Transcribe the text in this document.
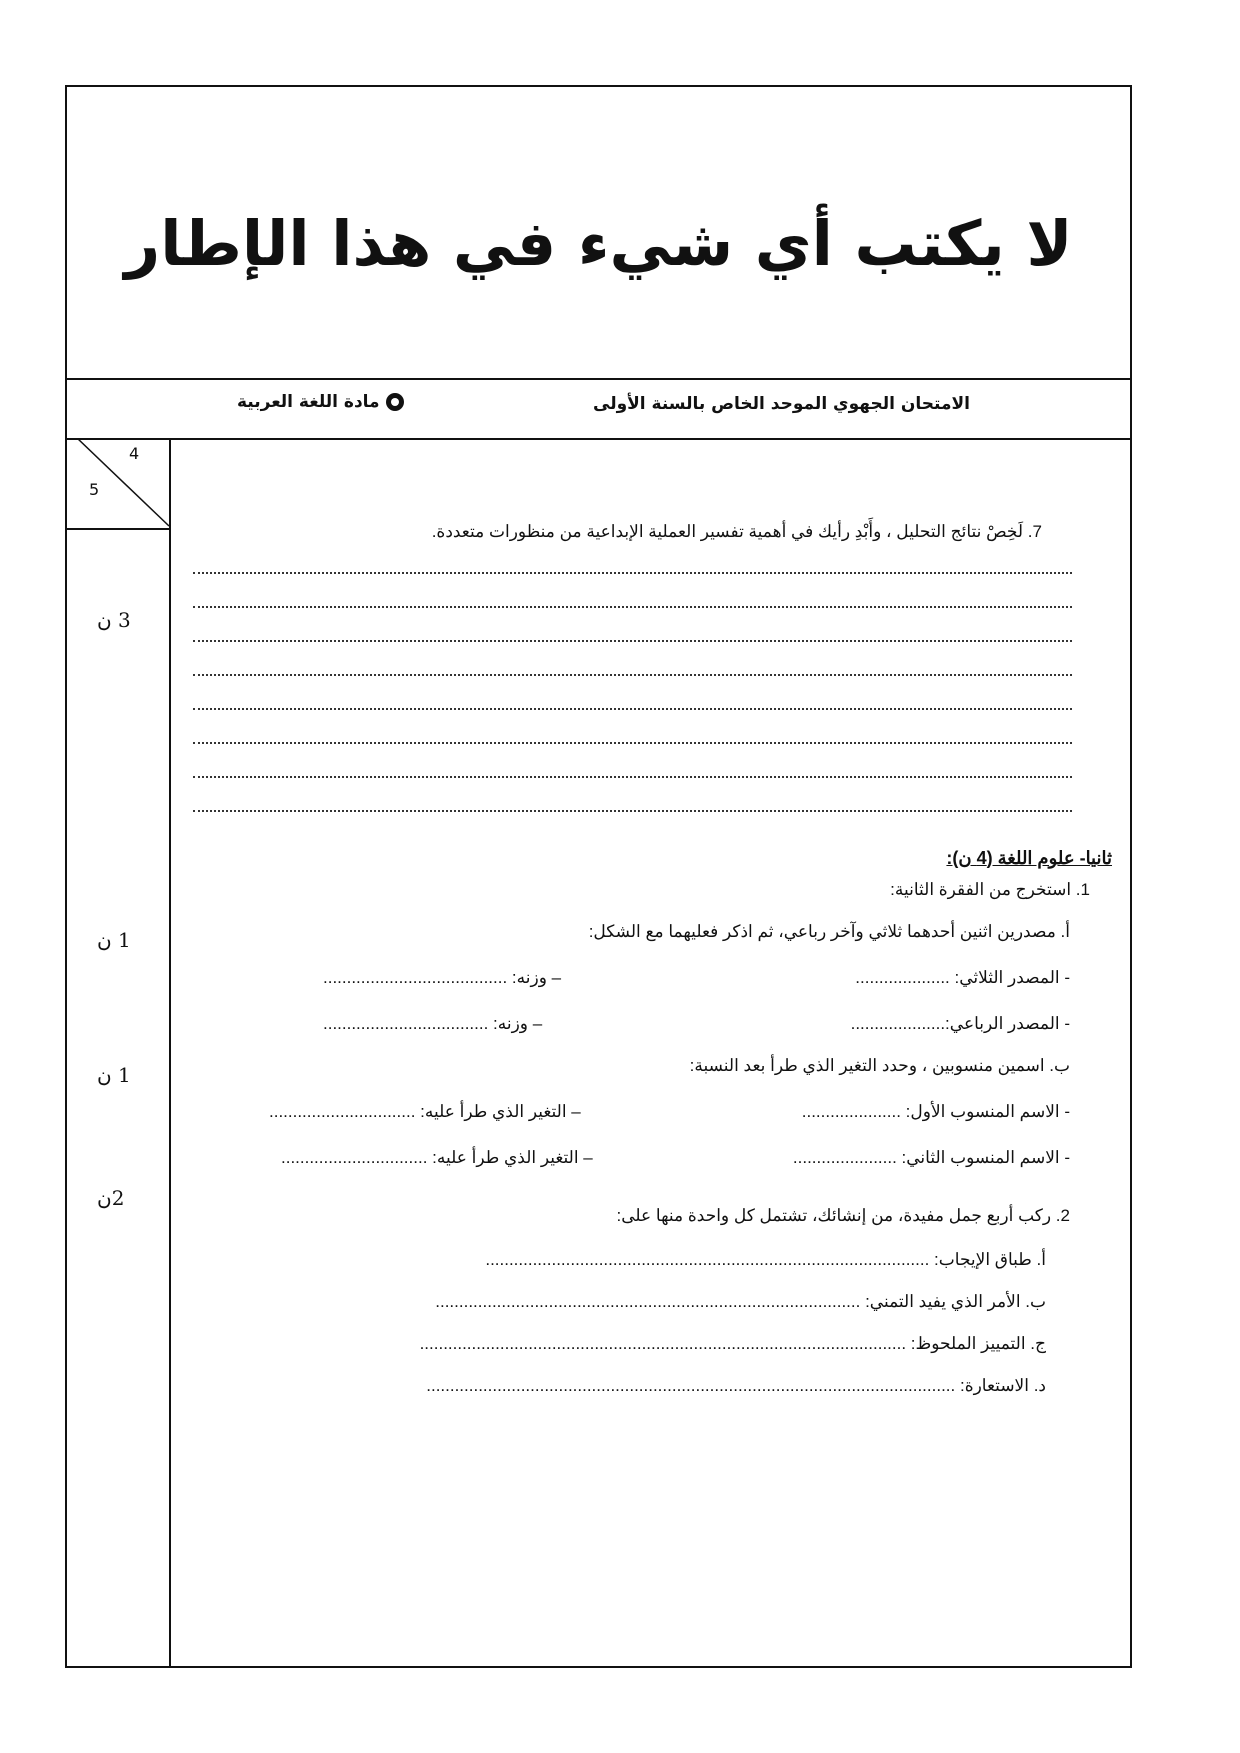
لا يكتب أي شيء في هذا الإطار
الامتحان الجهوي الموحد الخاص بالسنة الأولى
مادة اللغة العربية
4
5
3 ن
1 ن
1 ن
2ن
7. لَخِصْ نتائج التحليل ، وأَبْدِ رأيك في أهمية تفسير العملية الإبداعية من منظورات متعددة.
ثانيا- علوم اللغة (4 ن):
1. استخرج من الفقرة الثانية:
أ. مصدرين اثنين أحدهما ثلاثي وآخر رباعي، ثم اذكر فعليهما مع الشكل:
- المصدر الثلاثي: ....................
– وزنه: .......................................
- المصدر الرباعي:....................
– وزنه: ...................................
ب. اسمين منسوبين ، وحدد التغير الذي طرأ بعد النسبة:
- الاسم المنسوب الأول: .....................
– التغير الذي طرأ عليه: ...............................
- الاسم المنسوب الثاني: ......................
– التغير الذي طرأ عليه: ...............................
2. ركب أربع جمل مفيدة، من إنشائك، تشتمل كل واحدة منها على:
أ. طباق الإيجاب: ..............................................................................................
ب. الأمر الذي يفيد التمني: ..........................................................................................
ج. التمييز الملحوظ: .......................................................................................................
د. الاستعارة: ................................................................................................................
